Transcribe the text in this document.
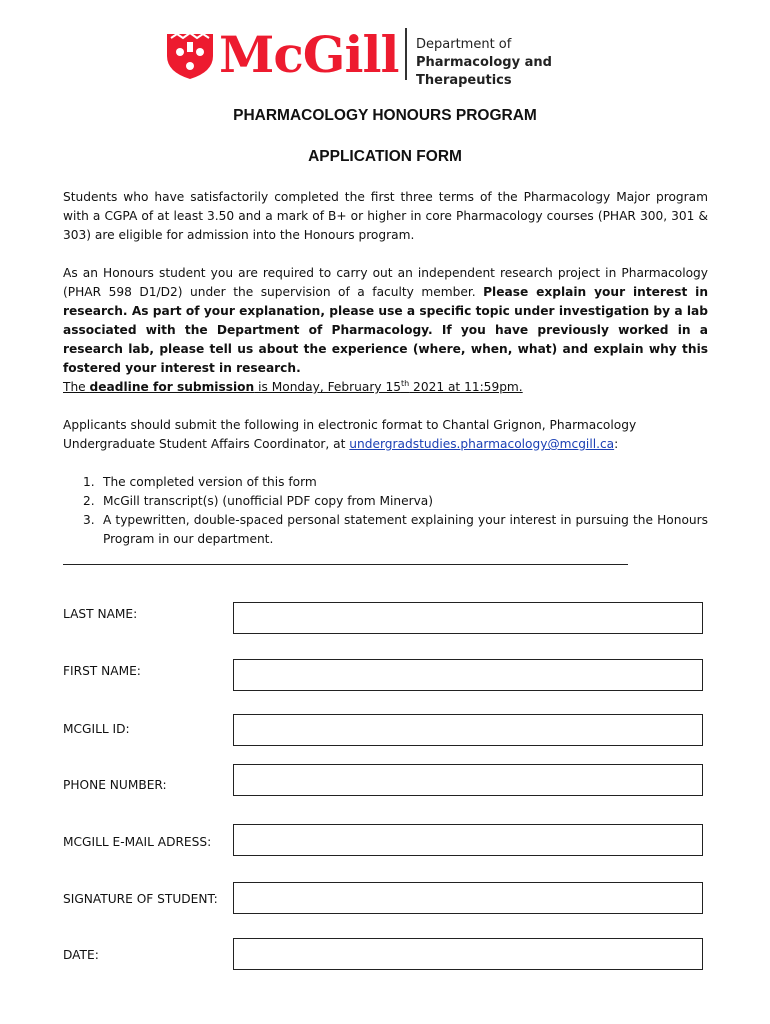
McGill Department of
Pharmacology and Therapeutics
PHARMACOLOGY HONOURS PROGRAM
APPLICATION FORM
Students who have satisfactorily completed the first three terms of the Pharmacology Major program with a CGPA of at least 3.50 and a mark of B+ or higher in core Pharmacology courses (PHAR 300, 301 & 303) are eligible for admission into the Honours program.
As an Honours student you are required to carry out an independent research project in Pharmacology (PHAR 598 D1/D2) under the supervision of a faculty member. Please explain your interest in research. As part of your explanation, please use a specific topic under investigation by a lab associated with the Department of Pharmacology. If you have previously worked in a research lab, please tell us about the experience (where, when, what) and explain why this fostered your interest in research.
The deadline for submission is Monday, February 15th 2021 at 11:59pm.
Applicants should submit the following in electronic format to Chantal Grignon, Pharmacology Undergraduate Student Affairs Coordinator, at undergradstudies.pharmacology@mcgill.ca:
1. The completed version of this form
2. McGill transcript(s) (unofficial PDF copy from Minerva)
3. A typewritten, double-spaced personal statement explaining your interest in pursuing the Honours Program in our department.
LAST NAME:
FIRST NAME:
MCGILL ID:
PHONE NUMBER:
MCGILL E-MAIL ADRESS:
SIGNATURE OF STUDENT:
DATE:
